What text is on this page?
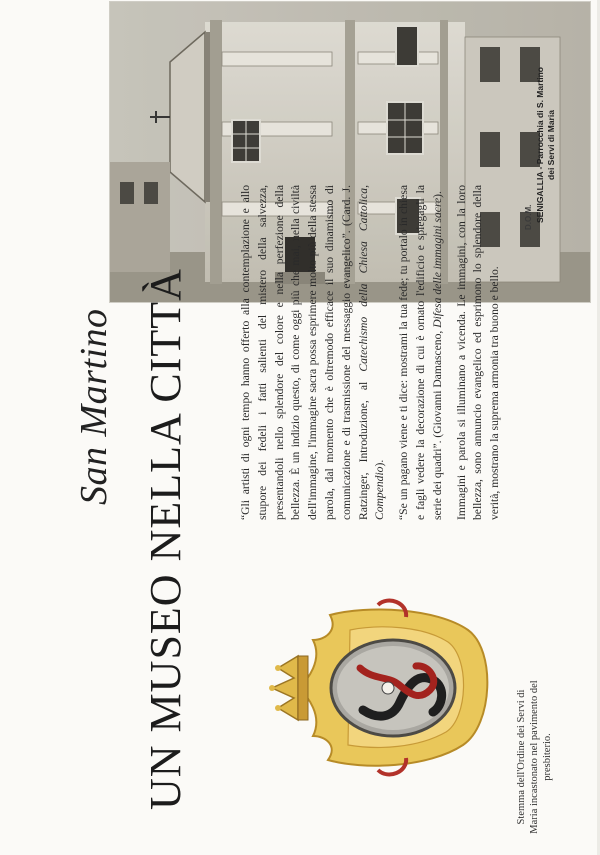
D.O.M. SENIGALLIA - Parrocchia di S. Martino dei Servi di Maria
San Martino UN MUSEO NELLA CITTÀ	Stemma dell'Ordine dei Servi di Maria incastonato nel pavimento del presbiterio.

“Gli artisti di ogni tempo hanno offerto alla contemplazione e allo stupore dei fedeli i fatti salienti del mistero della salvezza, presentandoli nello splendore del colore e nella perfezione della bellezza. È un indizio questo, di come oggi più che mai, nella civiltà dell'immagine, l'immagine sacra possa esprimere molto più della stessa parola, dal momento che è oltremodo efficace il suo dinamismo di comunicazione e di trasmissione del messaggio evangelico”. (Card. J. Ratzinger, Introduzione, al Catechismo della Chiesa Cattolica, Compendio). “Se un pagano viene e ti dice: mostrami la tua fede; tu portalo in chiesa e fagli vedere la decorazione di cui è ornato l'edificio e spiegagli la serie dei quadri”. (Giovanni Damasceno, Difesa delle immagini sacre). Immagini e parola si illuminano a vicenda. Le immagini, con la loro bellezza, sono annuncio evangelico ed esprimono lo splendore della verità, mostrano la suprema armonia tra buono e bello.
